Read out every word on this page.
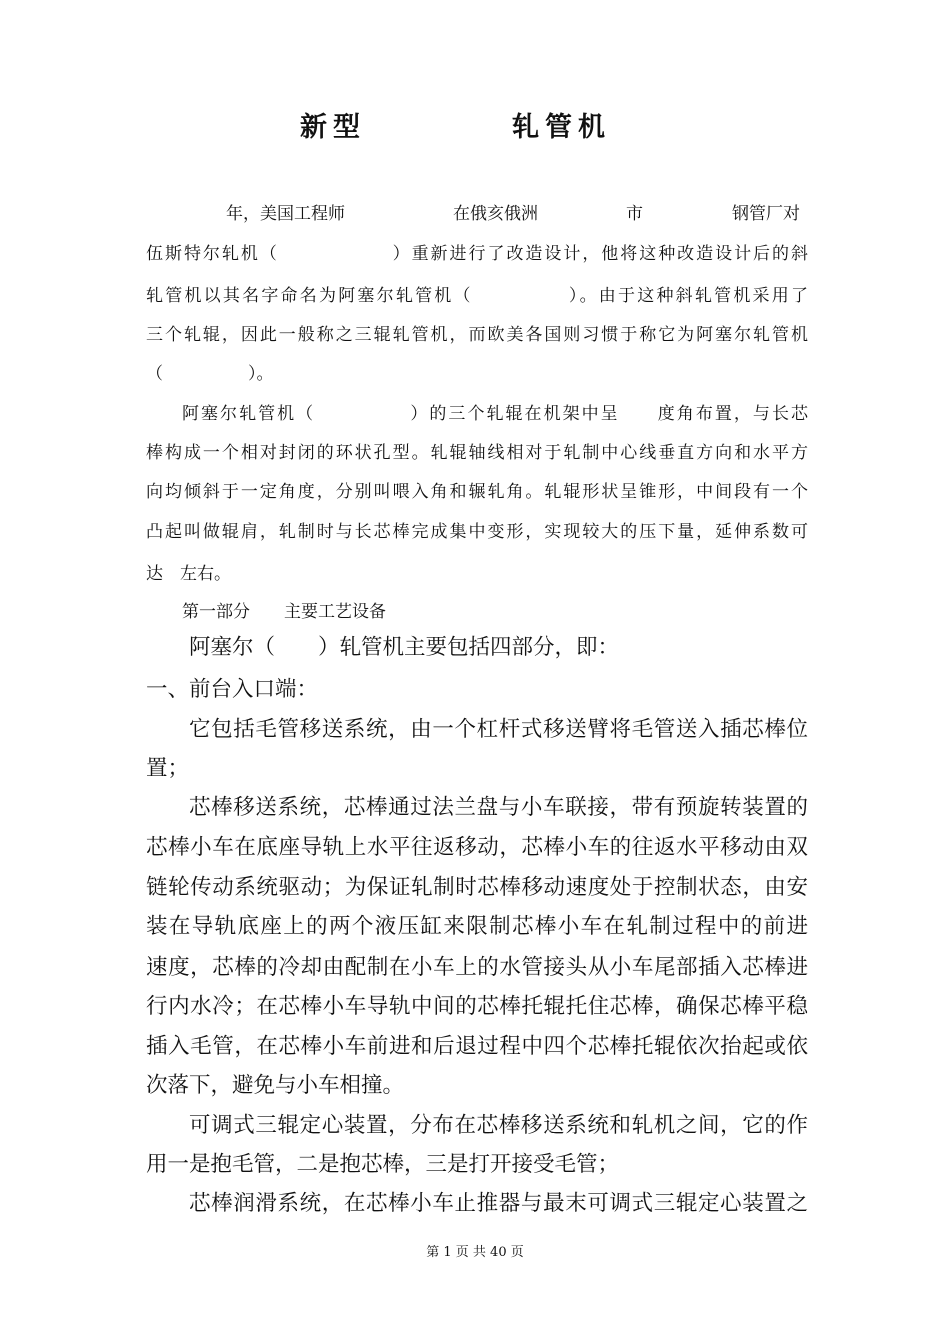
新型	轧管机
年，美国工程师	在俄亥俄洲	市	钢管厂对
伍斯特尔轧机（　　　　　　）重新进行了改造设计，他将这种改造设计后的斜
轧管机以其名字命名为阿塞尔轧管机（　　　　　）。由于这种斜轧管机采用了
三个轧辊，因此一般称之三辊轧管机，而欧美各国则习惯于称它为阿塞尔轧管机
（　　　　　）。
阿塞尔轧管机（　　　　　）的三个轧辊在机架中呈　　度角布置，与长芯
棒构成一个相对封闭的环状孔型。轧辊轴线相对于轧制中心线垂直方向和水平方
向均倾斜于一定角度，分别叫喂入角和辗轧角。轧辊形状呈锥形，中间段有一个
凸起叫做辊肩，轧制时与长芯棒完成集中变形，实现较大的压下量，延伸系数可
达　左右。
第一部分　　主要工艺设备
阿塞尔（　　）轧管机主要包括四部分，即：
一、前台入口端：
它包括毛管移送系统，由一个杠杆式移送臂将毛管送入插芯棒位
置；
芯棒移送系统，芯棒通过法兰盘与小车联接，带有预旋转装置的
芯棒小车在底座导轨上水平往返移动，芯棒小车的往返水平移动由双
链轮传动系统驱动；为保证轧制时芯棒移动速度处于控制状态，由安
装在导轨底座上的两个液压缸来限制芯棒小车在轧制过程中的前进
速度，芯棒的冷却由配制在小车上的水管接头从小车尾部插入芯棒进
行内水冷；在芯棒小车导轨中间的芯棒托辊托住芯棒，确保芯棒平稳
插入毛管，在芯棒小车前进和后退过程中四个芯棒托辊依次抬起或依
次落下，避免与小车相撞。
可调式三辊定心装置，分布在芯棒移送系统和轧机之间，它的作
用一是抱毛管，二是抱芯棒，三是打开接受毛管；
芯棒润滑系统，在芯棒小车止推器与最末可调式三辊定心装置之
第 1 页 共 40 页
